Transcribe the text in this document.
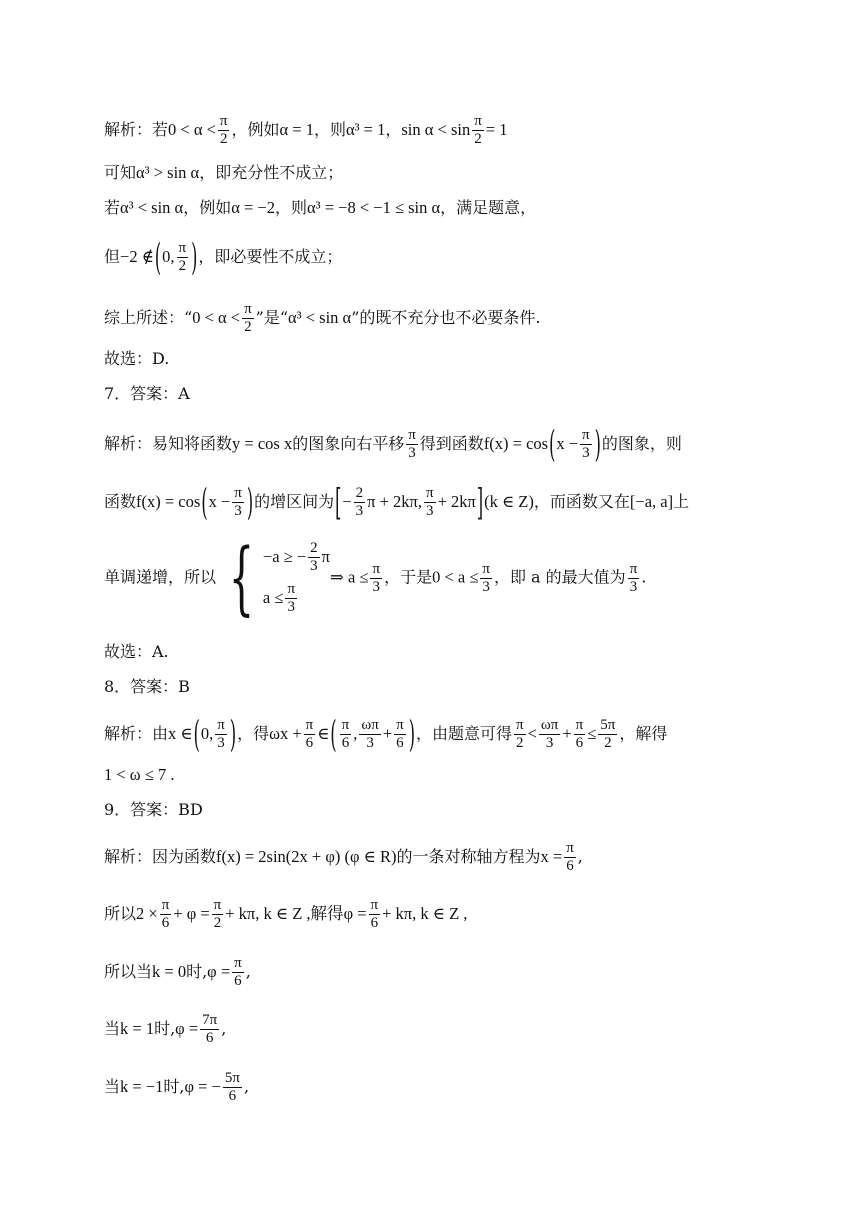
解析：若$0 < \alpha < \frac{\pi}{2}$ ，例如α = 1，则α³ = 1，$\sin \alpha < \sin \frac{\pi}{2} = 1$
可知α³ > sin α，即充分性不成立；
若α³ < sin α，例如α = −2，则α³ = −8 < −1 ≤ sin α，满足题意，
但−2 ∉(0, $\frac{\pi}{2}$ )，即必要性不成立；
综上所述：“$0 < \alpha < \frac{\pi}{2}$ ”是“α³ < sin α”的既不充分也不必要条件.
故选：D.
7．答案：A
解析：易知将函数y = cos x的图象向右平移 $\frac{\pi}{3}$ 得到函数$f(x) = \cos(x - \frac{\pi}{3}$ )的图象，则
函数$f(x) = \cos(x - \frac{\pi}{3}$ )的增区间为[− $\frac{2}{3}$ π + 2kπ, $\frac{\pi}{3} + 2k\pi](k$ ∈ Z)，而函数又在[−a, a]上
单调递增，所以 { −a ≥ − $\frac{2}{3}$ π
$a \le \frac{\pi}{3}$
⇒ $a \le \frac{\pi}{3}$ ，于是$0 < a \le \frac{\pi}{3}$ ，即 a 的最大值为 $\frac{\pi}{3}$ .
故选：A.
8．答案：B
解析：由x ∈(0, $\frac{\pi}{3}$ )，得$\omega x + \frac{\pi}{6}$ ∈( $\frac{\pi}{6}$ , $\frac{\omega\pi}{3} + \frac{\pi}{6}$ )，由题意可得 $\frac{\pi}{2} < \frac{\omega\pi}{3} + \frac{\pi}{6} \le \frac{5\pi}{2}$ ，解得
1 < ω ≤ 7 .
9．答案：BD
解析：因为函数f(x) = 2sin(2x + φ) (φ ∈ R)的一条对称轴方程为$x = \frac{\pi}{6}$ ,
所以$2 \times \frac{\pi}{6} + \varphi = \frac{\pi}{2} + k\pi$, k ∈ Z ,解得$\varphi = \frac{\pi}{6} + k\pi$, k ∈ Z ,
所以当k = 0时$,\varphi = \frac{\pi}{6}$ ,
当k = 1时$,\varphi = \frac{7\pi}{6}$ ,
当k = −1时,φ = − $\frac{5\pi}{6}$ ,
